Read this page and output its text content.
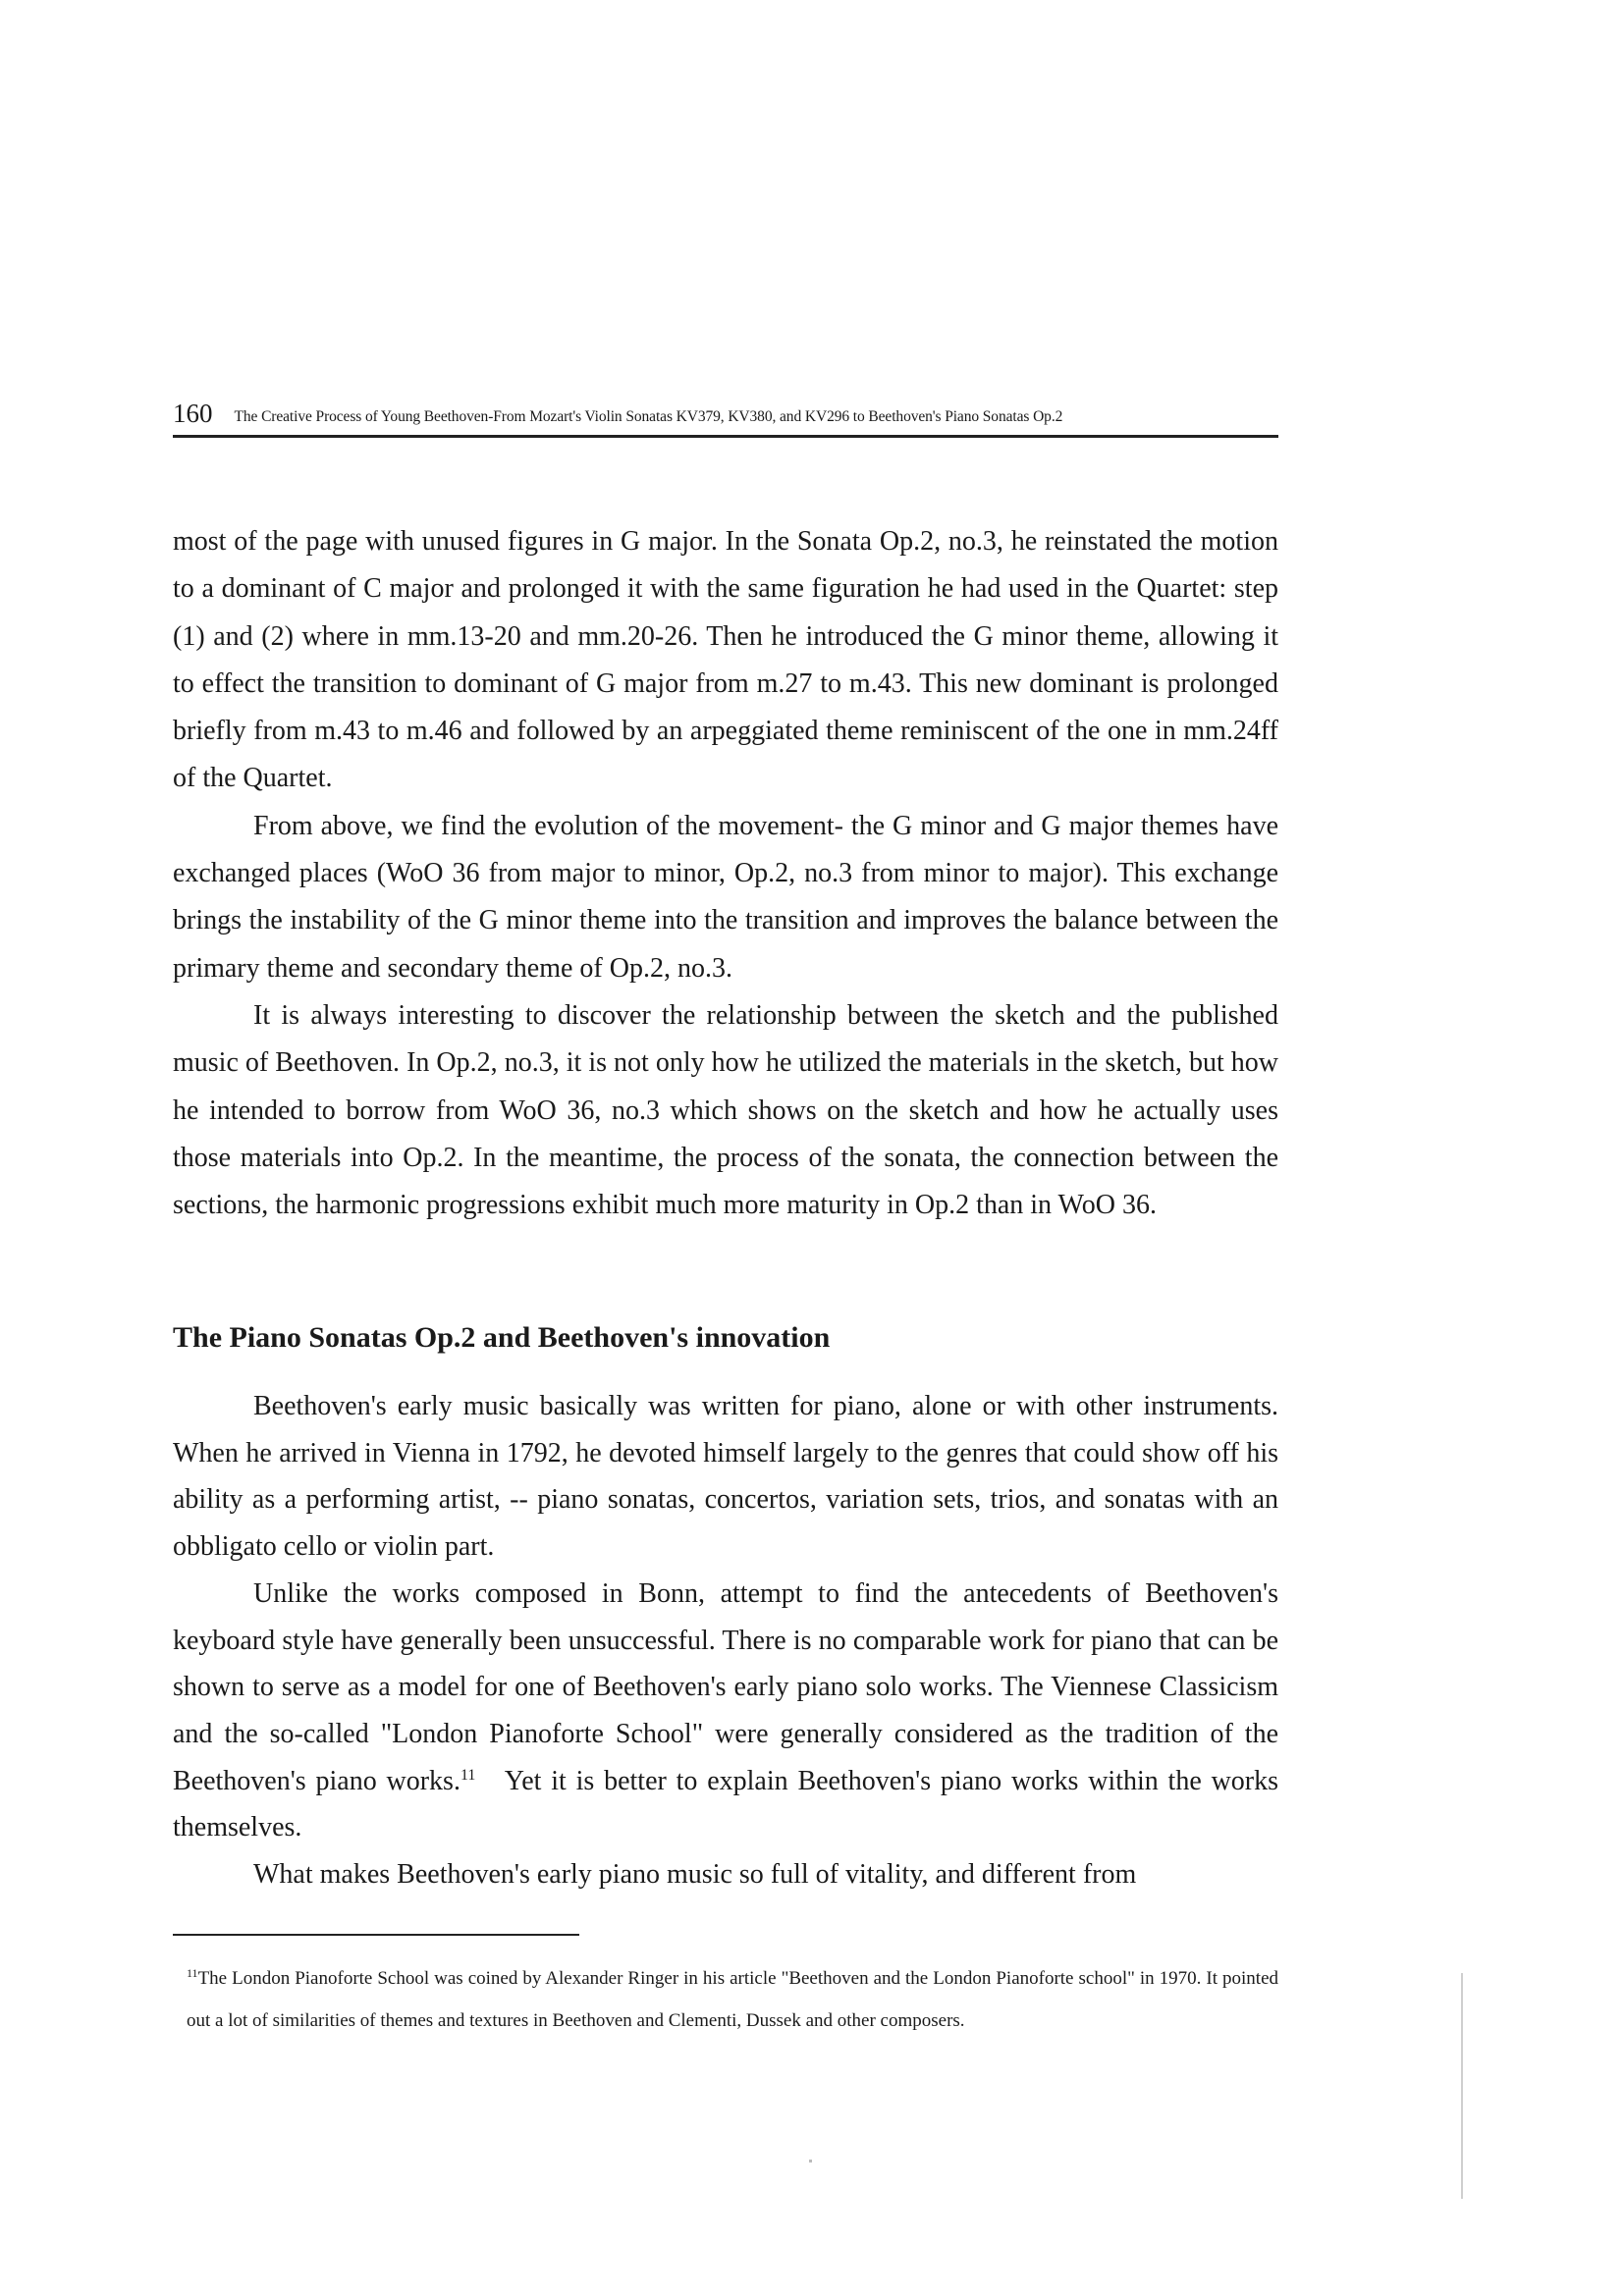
160 The Creative Process of Young Beethoven-From Mozart's Violin Sonatas KV379, KV380, and KV296 to Beethoven's Piano Sonatas Op.2

most of the page with unused figures in G major. In the Sonata Op.2, no.3, he reinstated the motion to a dominant of C major and prolonged it with the same figuration he had used in the Quartet: step (1) and (2) where in mm.13-20 and mm.20-26. Then he introduced the G minor theme, allowing it to effect the transition to dominant of G major from m.27 to m.43. This new dominant is prolonged briefly from m.43 to m.46 and followed by an arpeggiated theme reminiscent of the one in mm.24ff of the Quartet.

From above, we find the evolution of the movement- the G minor and G major themes have exchanged places (WoO 36 from major to minor, Op.2, no.3 from minor to major). This exchange brings the instability of the G minor theme into the transition and improves the balance between the primary theme and secondary theme of Op.2, no.3.

It is always interesting to discover the relationship between the sketch and the published music of Beethoven. In Op.2, no.3, it is not only how he utilized the materials in the sketch, but how he intended to borrow from WoO 36, no.3 which shows on the sketch and how he actually uses those materials into Op.2. In the meantime, the process of the sonata, the connection between the sections, the harmonic progressions exhibit much more maturity in Op.2 than in WoO 36.

The Piano Sonatas Op.2 and Beethoven's innovation

Beethoven's early music basically was written for piano, alone or with other instruments. When he arrived in Vienna in 1792, he devoted himself largely to the genres that could show off his ability as a performing artist, -- piano sonatas, concertos, variation sets, trios, and sonatas with an obbligato cello or violin part.

Unlike the works composed in Bonn, attempt to find the antecedents of Beethoven's keyboard style have generally been unsuccessful. There is no comparable work for piano that can be shown to serve as a model for one of Beethoven's early piano solo works. The Viennese Classicism and the so-called "London Pianoforte School" were generally considered as the tradition of the Beethoven's piano works.$^{11}$ Yet it is better to explain Beethoven's piano works within the works themselves.

What makes Beethoven's early piano music so full of vitality, and different from

$^{11}$The London Pianoforte School was coined by Alexander Ringer in his article "Beethoven and the London Pianoforte school" in 1970. It pointed out a lot of similarities of themes and textures in Beethoven and Clementi, Dussek and other composers.
